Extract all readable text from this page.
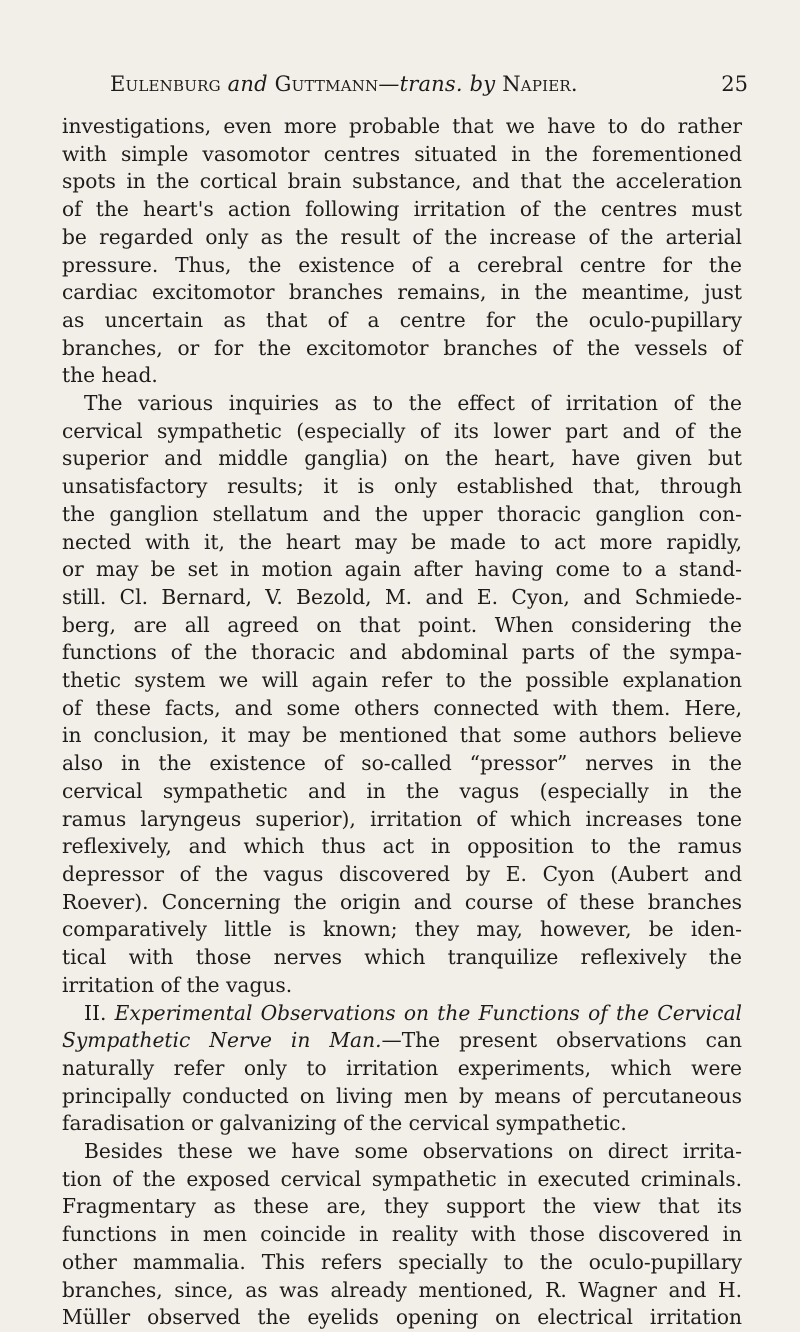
Eulenburg and Guttmann—trans. by Napier.	25
investigations, even more probable that we have to do rather
with simple vasomotor centres situated in the forementioned
spots in the cortical brain substance, and that the acceleration
of the heart's action following irritation of the centres must
be regarded only as the result of the increase of the arterial
pressure. Thus, the existence of a cerebral centre for the
cardiac excitomotor branches remains, in the meantime, just
as uncertain as that of a centre for the oculo-pupillary
branches, or for the excitomotor branches of the vessels of
the head.
The various inquiries as to the effect of irritation of the
cervical sympathetic (especially of its lower part and of the
superior and middle ganglia) on the heart, have given but
unsatisfactory results; it is only established that, through
the ganglion stellatum and the upper thoracic ganglion con-
nected with it, the heart may be made to act more rapidly,
or may be set in motion again after having come to a stand-
still. Cl. Bernard, V. Bezold, M. and E. Cyon, and Schmiede-
berg, are all agreed on that point. When considering the
functions of the thoracic and abdominal parts of the sympa-
thetic system we will again refer to the possible explanation
of these facts, and some others connected with them. Here,
in conclusion, it may be mentioned that some authors believe
also in the existence of so-called “pressor” nerves in the
cervical sympathetic and in the vagus (especially in the
ramus laryngeus superior), irritation of which increases tone
reflexively, and which thus act in opposition to the ramus
depressor of the vagus discovered by E. Cyon (Aubert and
Roever). Concerning the origin and course of these branches
comparatively little is known; they may, however, be iden-
tical with those nerves which tranquilize reflexively the
irritation of the vagus.
II. Experimental Observations on the Functions of the Cervical
Sympathetic Nerve in Man.—The present observations can
naturally refer only to irritation experiments, which were
principally conducted on living men by means of percutaneous
faradisation or galvanizing of the cervical sympathetic.
Besides these we have some observations on direct irrita-
tion of the exposed cervical sympathetic in executed criminals.
Fragmentary as these are, they support the view that its
functions in men coincide in reality with those discovered in
other mammalia. This refers specially to the oculo-pupillary
branches, since, as was already mentioned, R. Wagner and H.
Müller observed the eyelids opening on electrical irritation
